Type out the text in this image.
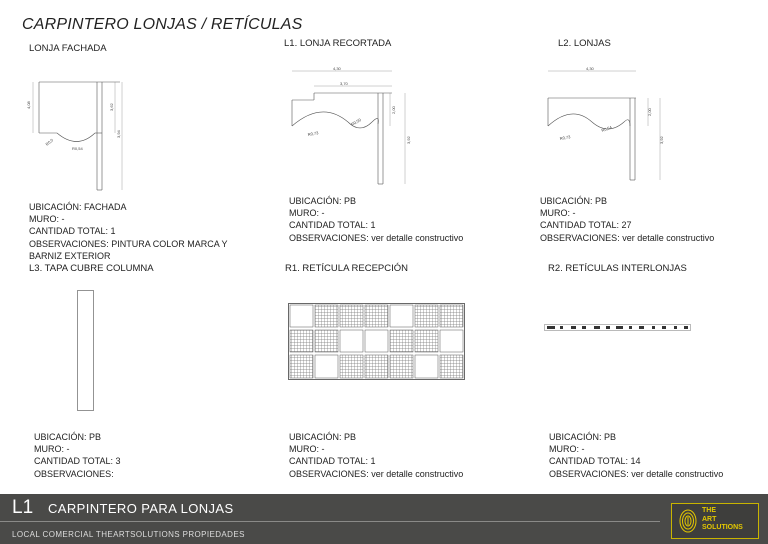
CARPINTERO LONJAS / RETÍCULAS
LONJA FACHADA	L1. LONJA RECORTADA	L2. LONJAS
L3. TAPA CUBRE COLUMNA	R1. RETÍCULA RECEPCIÓN	R2. RETÍCULAS INTERLONJAS
4,08	3,62
3,94
R0,0
R0,54
4,30
3,70
2,00
3,92
R0,73
R0,50
4,30
2,00
3,92
R0,73
R0,54
UBICACIÓN: FACHADA
MURO: -
CANTIDAD TOTAL: 1
OBSERVACIONES: PINTURA COLOR MARCA Y
BARNIZ EXTERIOR
UBICACIÓN: PB
MURO: -
CANTIDAD TOTAL: 1
OBSERVACIONES: ver detalle constructivo
UBICACIÓN: PB
MURO: -
CANTIDAD TOTAL: 27
OBSERVACIONES: ver detalle constructivo
UBICACIÓN: PB
MURO: -
CANTIDAD TOTAL: 3
OBSERVACIONES:
UBICACIÓN: PB
MURO: -
CANTIDAD TOTAL: 1
OBSERVACIONES: ver detalle constructivo
UBICACIÓN: PB
MURO: -
CANTIDAD TOTAL: 14
OBSERVACIONES: ver detalle constructivo
L1 CARPINTERO PARA LONJAS
LOCAL COMERCIAL THEARTSOLUTIONS PROPIEDADES
THE
ART
SOLUTIONS
